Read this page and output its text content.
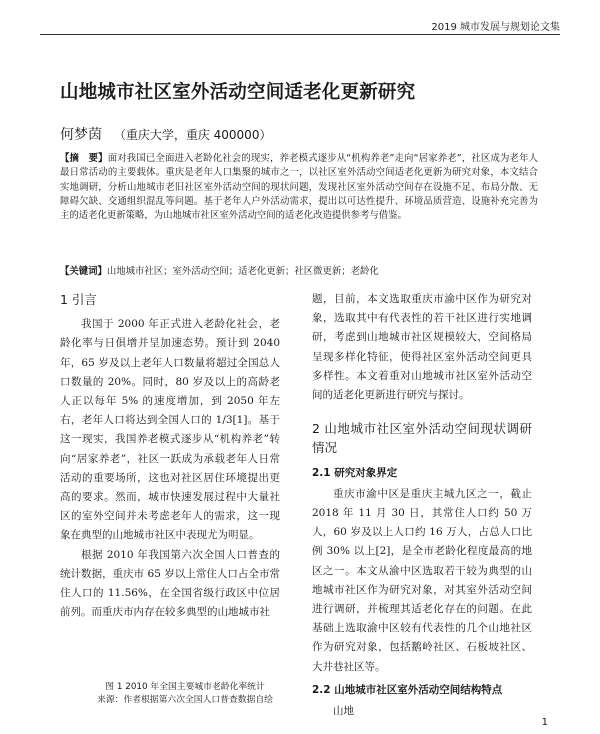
2019 城市发展与规划论文集
山地城市社区室外活动空间适老化更新研究
何梦茵 （重庆大学，重庆 400000）
【摘　要】面对我国已全面进入老龄化社会的现实，养老模式逐步从“机构养老”走向“居家养老”，社区成为老年人最日常活动的主要载体。重庆是老年人口集聚的城市之一，以社区室外活动空间适老化更新为研究对象，本文结合实地调研，分析山地城市老旧社区室外活动空间的现状问题，发现社区室外活动空间存在设施不足、布局分散、无障碍欠缺、交通组织混乱等问题。基于老年人户外活动需求，提出以可达性提升、环境品质营造、设施补充完善为主的适老化更新策略，为山地城市社区室外活动空间的适老化改造提供参考与借鉴。
【关键词】山地城市社区；室外活动空间；适老化更新；社区微更新；老龄化
1 引言

我国于 2000 年正式进入老龄化社会，老龄化率与日俱增并呈加速态势。预计到 2040 年，65 岁及以上老年人口数量将超过全国总人口数量的 20%。同时，80 岁及以上的高龄老人正以每年 5% 的速度增加，到 2050 年左右，老年人口将达到全国人口的 1/3[1]。基于这一现实，我国养老模式逐步从“机构养老”转向“居家养老”，社区一跃成为承载老年人日常活动的重要场所，这也对社区居住环境提出更高的要求。然而，城市快速发展过程中大量社区的室外空间并未考虑老年人的需求，这一现象在典型的山地城市社区中表现尤为明显。

根据 2010 年我国第六次全国人口普查的统计数据，重庆市 65 岁以上常住人口占全市常住人口的 11.56%，在全国省级行政区中位居前列。而重庆市内存在较多典型的山地城市社

图 1 2010 年全国主要城市老龄化率统计
来源：作者根据第六次全国人口普查数据自绘

题，目前，本文选取重庆市渝中区作为研究对象，选取其中有代表性的若干社区进行实地调研，考虑到山地城市社区规模较大，空间格局呈现多样化特征，使得社区室外活动空间更具多样性。本文着重对山地城市社区室外活动空间的适老化更新进行研究与探讨。

2 山地城市社区室外活动空间现状调研情况
2.1 研究对象界定

重庆市渝中区是重庆主城九区之一，截止 2018 年 11 月 30 日，其常住人口约 50 万人，60 岁及以上人口约 16 万人，占总人口比例 30% 以上[2]，是全市老龄化程度最高的地区之一。本文从渝中区选取若干较为典型的山地城市社区作为研究对象，对其室外活动空间进行调研，并梳理其适老化存在的问题。在此基础上选取渝中区较有代表性的几个山地社区作为研究对象，包括鹅岭社区、石板坡社区、大井巷社区等。

2.2 山地城市社区室外活动空间结构特点

山地

1
